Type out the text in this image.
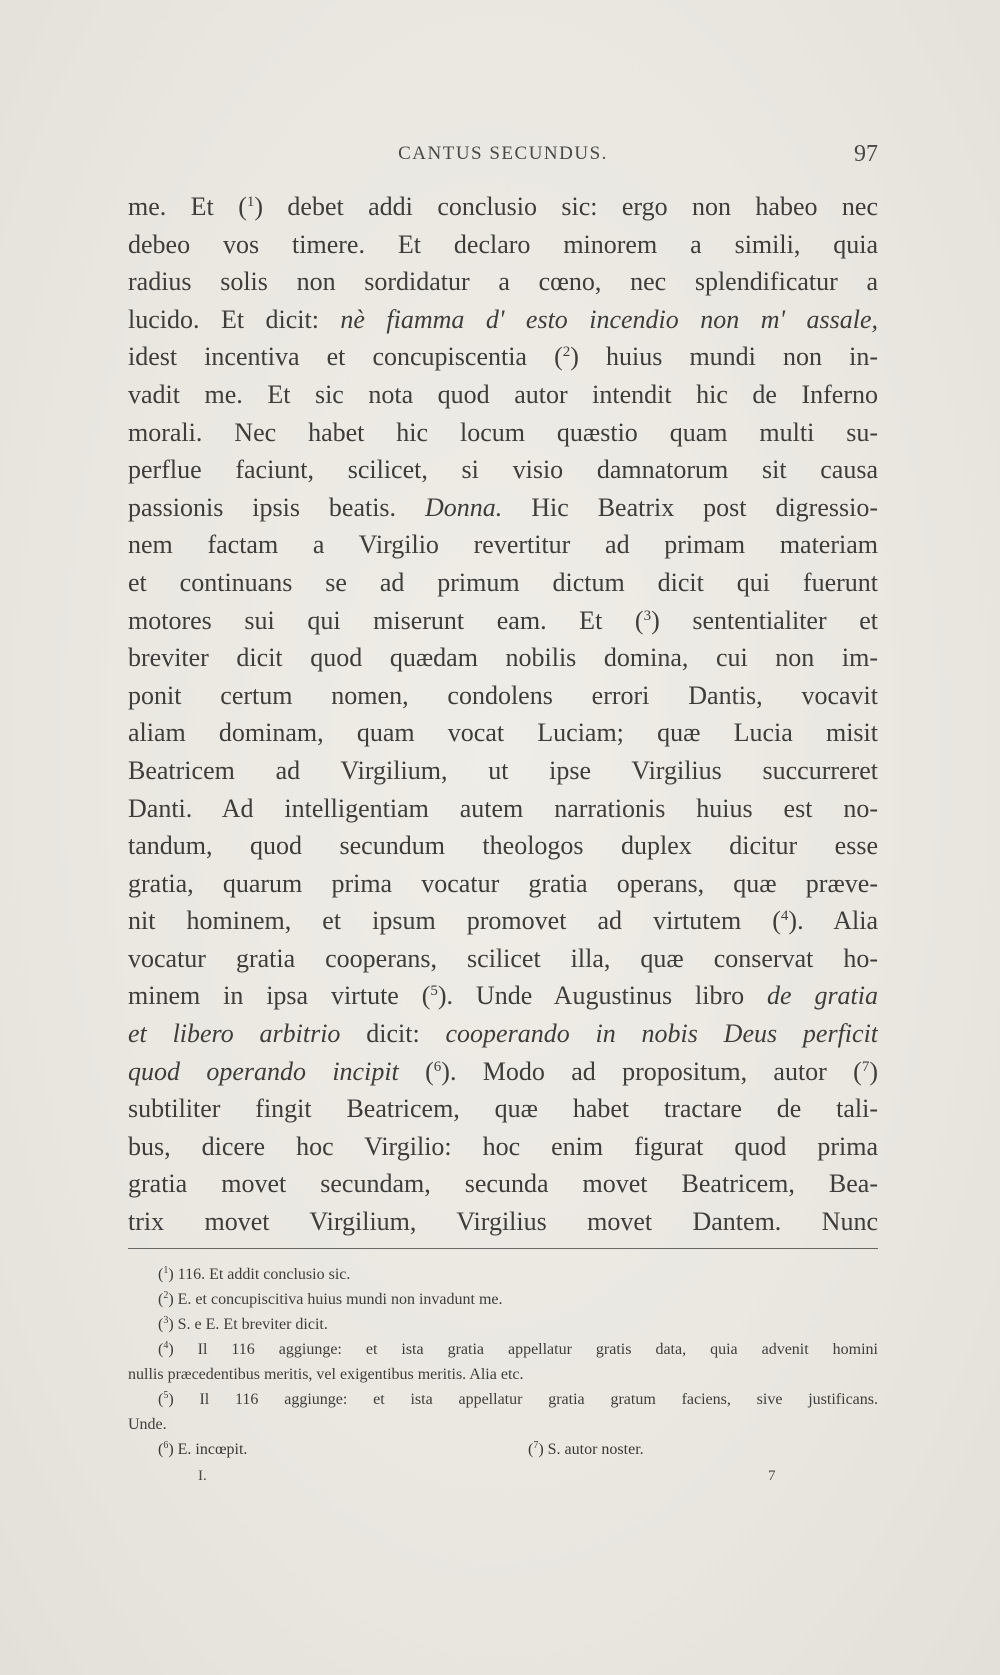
CANTUS SECUNDUS.	97
me. Et ($^1$) debet addi conclusio sic: ergo non habeo nec
debeo vos timere. Et declaro minorem a simili, quia
radius solis non sordidatur a cœno, nec splendificatur a
lucido. Et dicit: nè fiamma d' esto incendio non m' assale,
idest incentiva et concupiscentia ($^2$) huius mundi non in-
vadit me. Et sic nota quod autor intendit hic de Inferno
morali. Nec habet hic locum quæstio quam multi su-
perflue faciunt, scilicet, si visio damnatorum sit causa
passionis ipsis beatis. Donna. Hic Beatrix post digressio-
nem factam a Virgilio revertitur ad primam materiam
et continuans se ad primum dictum dicit qui fuerunt
motores sui qui miserunt eam. Et ($^3$) sententialiter et
breviter dicit quod quædam nobilis domina, cui non im-
ponit certum nomen, condolens errori Dantis, vocavit
aliam dominam, quam vocat Luciam; quæ Lucia misit
Beatricem ad Virgilium, ut ipse Virgilius succurreret
Danti. Ad intelligentiam autem narrationis huius est no-
tandum, quod secundum theologos duplex dicitur esse
gratia, quarum prima vocatur gratia operans, quæ præve-
nit hominem, et ipsum promovet ad virtutem ($^4$). Alia
vocatur gratia cooperans, scilicet illa, quæ conservat ho-
minem in ipsa virtute ($^5$). Unde Augustinus libro de gratia
et libero arbitrio dicit: cooperando in nobis Deus perficit
quod operando incipit ($^6$). Modo ad propositum, autor ($^7$)
subtiliter fingit Beatricem, quæ habet tractare de tali-
bus, dicere hoc Virgilio: hoc enim figurat quod prima
gratia movet secundam, secunda movet Beatricem, Bea-
trix movet Virgilium, Virgilius movet Dantem. Nunc
($^1$) 116. Et addit conclusio sic.
($^2$) E. et concupiscitiva huius mundi non invadunt me.
($^3$) S. e E. Et breviter dicit.
($^4$) Il 116 aggiunge: et ista gratia appellatur gratis data, quia advenit homini
nullis præcedentibus meritis, vel exigentibus meritis. Alia etc.
($^5$) Il 116 aggiunge: et ista appellatur gratia gratum faciens, sive justificans.
Unde.
($^6$) E. incœpit.	($^7$) S. autor noster.
I.	7
